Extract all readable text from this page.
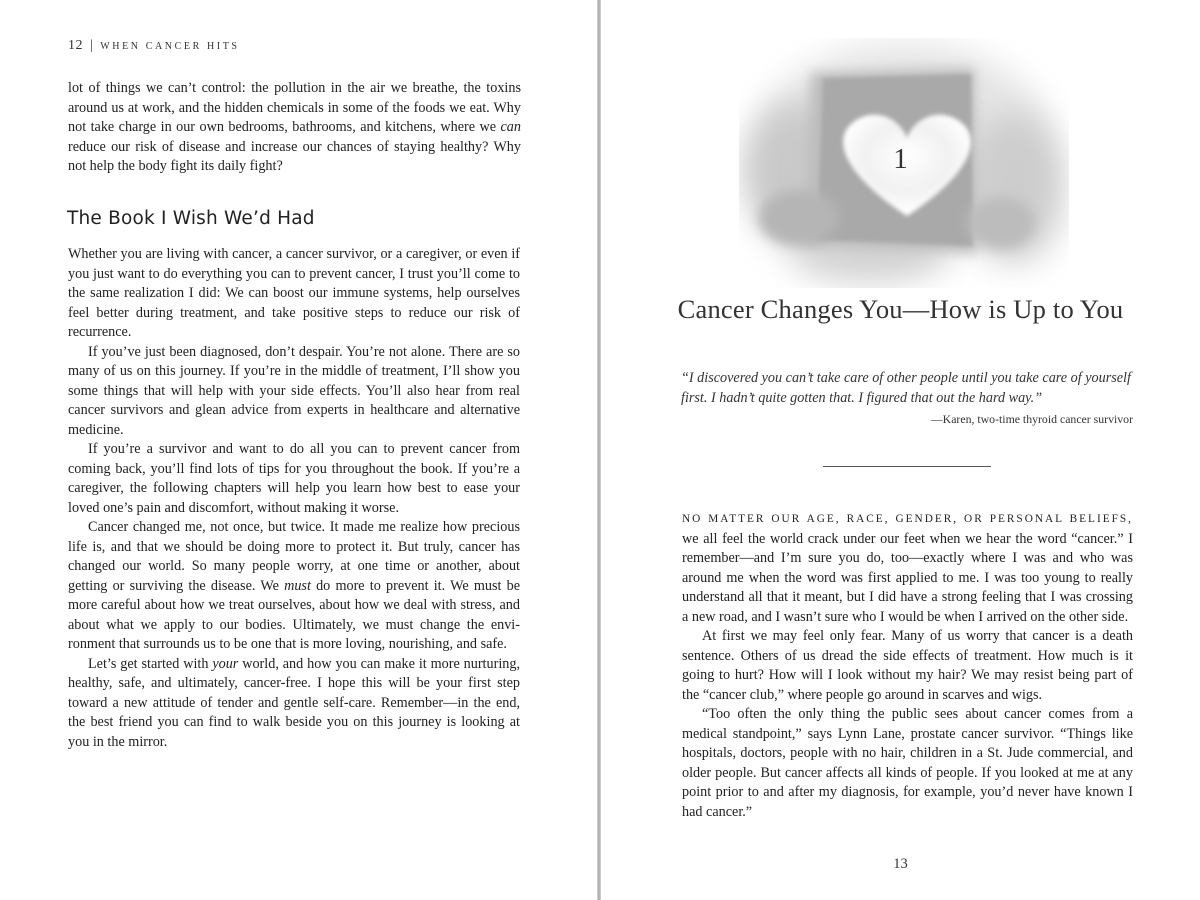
12 | WHEN CANCER HITS

lot of things we can’t control: the pollution in the air we breathe, the toxins around us at work, and the hidden chemicals in some of the foods we eat. Why not take charge in our own bedrooms, bathrooms, and kitchens, where we can reduce our risk of disease and increase our chances of staying healthy? Why not help the body fight its daily fight?

The Book I Wish We’d Had

Whether you are living with cancer, a cancer survivor, or a caregiver, or even if you just want to do everything you can to prevent cancer, I trust you’ll come to the same realization I did: We can boost our immune systems, help ourselves feel better during treatment, and take positive steps to reduce our risk of recurrence.

If you’ve just been diagnosed, don’t despair. You’re not alone. There are so many of us on this journey. If you’re in the middle of treatment, I’ll show you some things that will help with your side effects. You’ll also hear from real cancer survivors and glean advice from experts in healthcare and alternative medicine.

If you’re a survivor and want to do all you can to prevent cancer from coming back, you’ll find lots of tips for you throughout the book. If you’re a caregiver, the following chapters will help you learn how best to ease your loved one’s pain and discomfort, without making it worse.

Cancer changed me, not once, but twice. It made me realize how precious life is, and that we should be doing more to protect it. But truly, cancer has changed our world. So many people worry, at one time or another, about getting or surviving the disease. We must do more to prevent it. We must be more careful about how we treat ourselves, about how we deal with stress, and about what we apply to our bodies. Ultimately, we must change the environment that surrounds us to be one that is more loving, nourishing, and safe.

Let’s get started with your world, and how you can make it more nurturing, healthy, safe, and ultimately, cancer-free. I hope this will be your first step toward a new attitude of tender and gentle self-care. Remember—in the end, the best friend you can find to walk beside you on this journey is looking at you in the mirror.

1
Cancer Changes You—How is Up to You

“I discovered you can’t take care of other people until you take care of yourself first. I hadn’t quite gotten that. I figured that out the hard way.”

—Karen, two-time thyroid cancer survivor

NO MATTER OUR AGE, RACE, GENDER, OR PERSONAL BELIEFS, we all feel the world crack under our feet when we hear the word “cancer.” I remember—and I’m sure you do, too—exactly where I was and who was around me when the word was first applied to me. I was too young to really understand all that it meant, but I did have a strong feeling that I was crossing a new road, and I wasn’t sure who I would be when I arrived on the other side.

At first we may feel only fear. Many of us worry that cancer is a death sentence. Others of us dread the side effects of treatment. How much is it going to hurt? How will I look without my hair? We may resist being part of the “cancer club,” where people go around in scarves and wigs.

“Too often the only thing the public sees about cancer comes from a medical standpoint,” says Lynn Lane, prostate cancer survivor. “Things like hospitals, doctors, people with no hair, children in a St. Jude commercial, and older people. But cancer affects all kinds of people. If you looked at me at any point prior to and after my diagnosis, for example, you’d never have known I had cancer.”

13
